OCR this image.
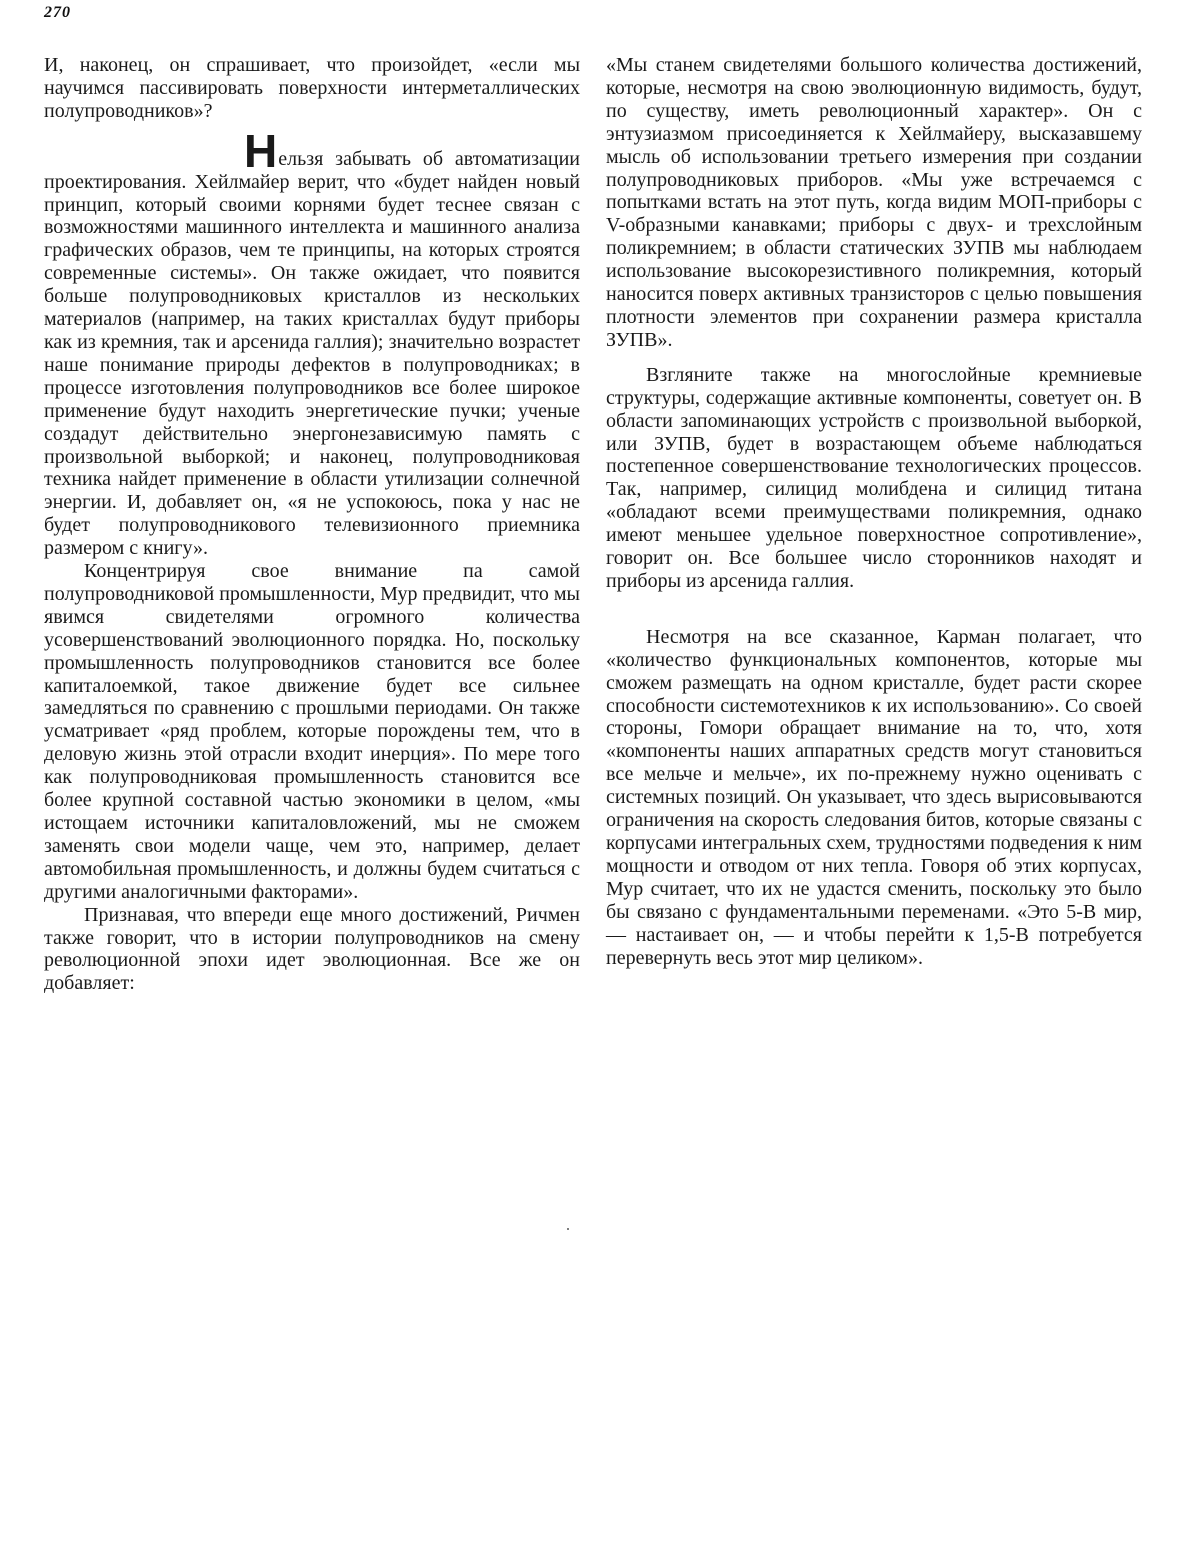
270

И, наконец, он спрашивает, что произойдет, «если мы научимся пассивировать поверхности интерметаллических полупроводников»?

Нельзя забывать об автоматизации проектирования. Хейлмайер верит, что «будет найден новый принцип, который своими корнями будет теснее связан с возможностями машинного интеллекта и машинного анализа графических образов, чем те принципы, на которых строятся современные системы». Он также ожидает, что появится больше полупроводниковых кристаллов из нескольких материалов (например, на таких кристаллах будут приборы как из кремния, так и арсенида галлия); значительно возрастет наше понимание природы дефектов в полупроводниках; в процессе изготовления полупроводников все более широкое применение будут находить энергетические пучки; ученые создадут действительно энергонезависимую память с произвольной выборкой; и наконец, полупроводниковая техника найдет применение в области утилизации солнечной энергии. И, добавляет он, «я не успокоюсь, пока у нас не будет полупроводникового телевизионного приемника размером с книгу».

Концентрируя свое внимание па самой полупроводниковой промышленности, Мур предвидит, что мы явимся свидетелями огромного количества усовершенствований эволюционного порядка. Но, поскольку промышленность полупроводников становится все более капиталоемкой, такое движение будет все сильнее замедляться по сравнению с прошлыми периодами. Он также усматривает «ряд проблем, которые порождены тем, что в деловую жизнь этой отрасли входит инерция». По мере того как полупроводниковая промышленность становится все более крупной составной частью экономики в целом, «мы истощаем источники капиталовложений, мы не сможем заменять свои модели чаще, чем это, например, делает автомобильная промышленность, и должны будем считаться с другими аналогичными факторами».

Признавая, что впереди еще много достижений, Ричмен также говорит, что в истории полупроводников на смену революционной эпохи идет эволюционная. Все же он добавляет:

«Мы станем свидетелями большого количества достижений, которые, несмотря на свою эволюционную видимость, будут, по существу, иметь революционный характер». Он с энтузиазмом присоединяется к Хейлмайеру, высказавшему мысль об использовании третьего измерения при создании полупроводниковых приборов. «Мы уже встречаемся с попытками встать на этот путь, когда видим МОП-приборы с V-образными канавками; приборы с двух- и трехслойным поликремнием; в области статических ЗУПВ мы наблюдаем использование высокорезистивного поликремния, который наносится поверх активных транзисторов с целью повышения плотности элементов при сохранении размера кристалла ЗУПВ».

Взгляните также на многослойные кремниевые структуры, содержащие активные компоненты, советует он. В области запоминающих устройств с произвольной выборкой, или ЗУПВ, будет в возрастающем объеме наблюдаться постепенное совершенствование технологических процессов. Так, например, силицид молибдена и силицид титана «обладают всеми преимуществами поликремния, однако имеют меньшее удельное поверхностное сопротивление», говорит он. Все большее число сторонников находят и приборы из арсенида галлия.

Несмотря на все сказанное, Карман полагает, что «количество функциональных компонентов, которые мы сможем размещать на одном кристалле, будет расти скорее способности системотехников к их использованию». Со своей стороны, Гомори обращает внимание на то, что, хотя «компоненты наших аппаратных средств могут становиться все мельче и мельче», их по-прежнему нужно оценивать с системных позиций. Он указывает, что здесь вырисовываются ограничения на скорость следования битов, которые связаны с корпусами интегральных схем, трудностями подведения к ним мощности и отводом от них тепла. Говоря об этих корпусах, Мур считает, что их не удастся сменить, поскольку это было бы связано с фундаментальными переменами. «Это 5-В мир, — настаивает он, — и чтобы перейти к 1,5-В потребуется перевернуть весь этот мир целиком».
